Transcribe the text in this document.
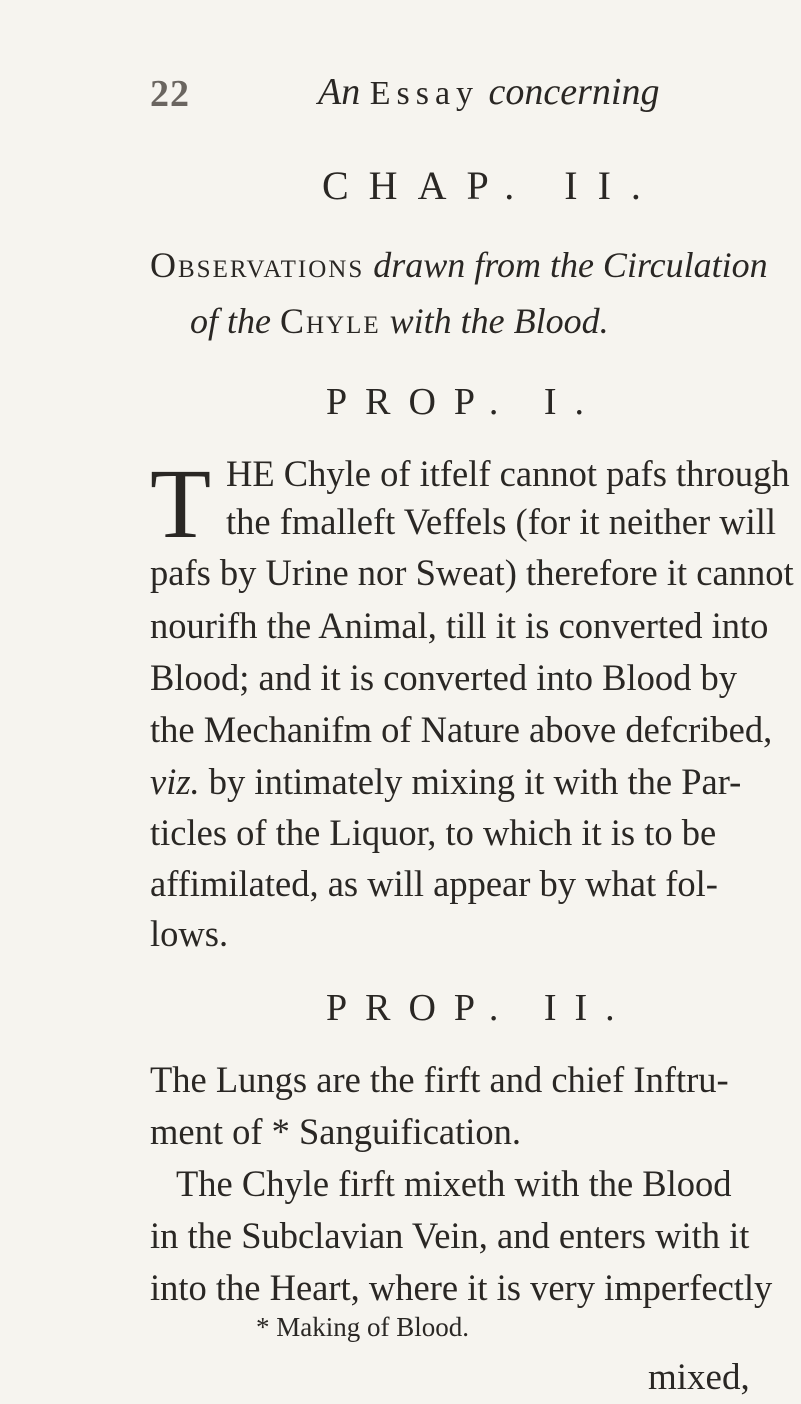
22	An Essay concerning
CHAP. II.
Observations drawn from the Circulation
of the Chyle with the Blood.
PROP. I.
T HE Chyle of itfelf cannot pafs through
the fmalleft Veffels (for it neither will
pafs by Urine nor Sweat) therefore it cannot
nourifh the Animal, till it is converted into
Blood; and it is converted into Blood by
the Mechanifm of Nature above defcribed,
viz. by intimately mixing it with the Par-
ticles of the Liquor, to which it is to be
affimilated, as will appear by what fol-
lows.
PROP. II.
The Lungs are the firft and chief Inftru-
ment of * Sanguification.
The Chyle firft mixeth with the Blood
in the Subclavian Vein, and enters with it
into the Heart, where it is very imperfectly
* Making of Blood.
mixed,
